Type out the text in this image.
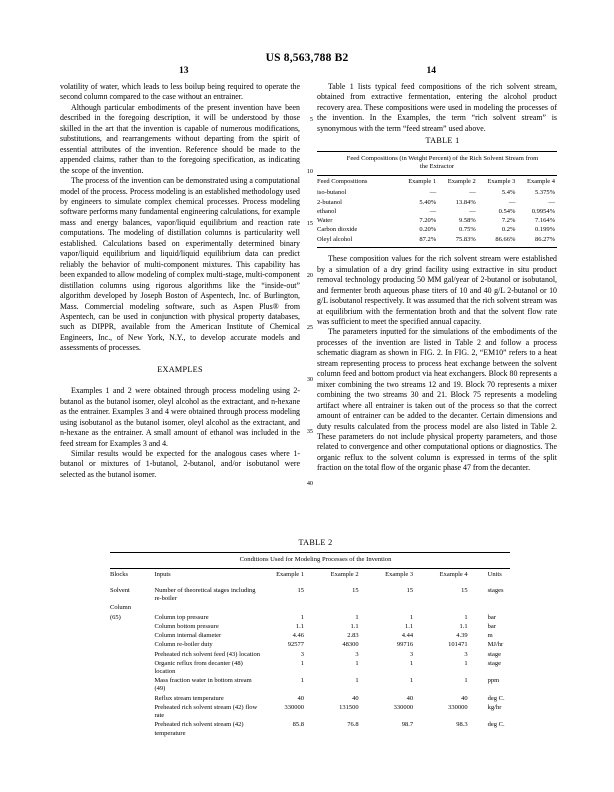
US 8,563,788 B2
13	14

volatility of water, which leads to less boilup being required to operate the second column compared to the case without an entrainer.

Although particular embodiments of the present invention have been described in the foregoing description, it will be understood by those skilled in the art that the invention is capable of numerous modifications, substitutions, and rearrangements without departing from the spirit of essential attributes of the invention. Reference should be made to the appended claims, rather than to the foregoing specification, as indicating the scope of the invention.

The process of the invention can be demonstrated using a computational model of the process. Process modeling is an established methodology used by engineers to simulate complex chemical processes. Process modeling software performs many fundamental engineering calculations, for example mass and energy balances, vapor/liquid equilibrium and reaction rate computations. The modeling of distillation columns is particularity well established. Calculations based on experimentally determined binary vapor/liquid equilibrium and liquid/liquid equilibrium data can predict reliably the behavior of multi-component mixtures. This capability has been expanded to allow modeling of complex multi-stage, multi-component distillation columns using rigorous algorithms like the “inside-out” algorithm developed by Joseph Boston of Aspentech, Inc. of Burlington, Mass. Commercial modeling software, such as Aspen Plus® from Aspentech, can be used in conjunction with physical property databases, such as DIPPR, available from the American Institute of Chemical Engineers, Inc., of New York, N.Y., to develop accurate models and assessments of processes.

EXAMPLES

Examples 1 and 2 were obtained through process modeling using 2-butanol as the butanol isomer, oleyl alcohol as the extractant, and n-hexane as the entrainer. Examples 3 and 4 were obtained through process modeling using isobutanol as the butanol isomer, oleyl alcohol as the extractant, and n-hexane as the entrainer. A small amount of ethanol was included in the feed stream for Examples 3 and 4.

Similar results would be expected for the analogous cases where 1-butanol or mixtures of 1-butanol, 2-butanol, and/or isobutanol were selected as the butanol isomer.

5
10
15
20
25
30
35
40

Table 1 lists typical feed compositions of the rich solvent stream, obtained from extractive fermentation, entering the alcohol product recovery area. These compositions were used in modeling the processes of the invention. In the Examples, the term “rich solvent stream” is synonymous with the term “feed stream” used above.

TABLE 1

Feed Compositions (in Weight Percent) of the Rich Solvent Stream from the Extractor

Feed Compositions	Example 1	Example 2	Example 3	Example 4
iso-butanol	—	—	5.4%	5.375%
2-butanol	5.40%	13.84%	—	—
ethanol	—	—	0.54%	0.9954%
Water	7.20%	9.58%	7.2%	7.164%
Carbon dioxide	0.20%	0.75%	0.2%	0.199%
Oleyl alcohol	87.2%	75.83%	86.66%	86.27%

These composition values for the rich solvent stream were established by a simulation of a dry grind facility using extractive in situ product removal technology producing 50 MM gal/year of 2-butanol or isobutanol, and fermenter broth aqueous phase titers of 10 and 40 g/L 2-butanol or 10 g/L isobutanol respectively. It was assumed that the rich solvent stream was at equilibrium with the fermentation broth and that the solvent flow rate was sufficient to meet the specified annual capacity.

The parameters inputted for the simulations of the embodiments of the processes of the invention are listed in Table 2 and follow a process schematic diagram as shown in FIG. 2. In FIG. 2, “EM10” refers to a heat stream representing process to process heat exchange between the solvent column feed and bottom product via heat exchangers. Block 80 represents a mixer combining the two streams 12 and 19. Block 70 represents a mixer combining the two streams 30 and 21. Block 75 represents a modeling artifact where all entrainer is taken out of the process so that the correct amount of entrainer can be added to the decanter. Certain dimensions and duty results calculated from the process model are also listed in Table 2. These parameters do not include physical property parameters, and those related to convergence and other computational options or diagnostics. The organic reflux to the solvent column is expressed in terms of the split fraction on the total flow of the organic phase 47 from the decanter.

TABLE 2

Conditions Used for Modeling Processes of the Invention

Blocks	Inputs	Example 1	Example 2	Example 3	Example 4	Units
Solvent	Number of theoretical stages including re-boiler	15	15	15	15	stages
Column						
(65)	Column top pressure	1	1	1	1	bar
	Column bottom pressure	1.1	1.1	1.1	1.1	bar
	Column internal diameter	4.46	2.83	4.44	4.39	m
	Column re-boiler duty	92577	48300	99716	101471	MJ/hr
	Preheated rich solvent feed (43) location	3	3	3	3	stage
	Organic reflux from decanter (48) location	1	1	1	1	stage
	Mass fraction water in bottom stream (49)	1	1	1	1	ppm
	Reflux stream temperature	40	40	40	40	deg C.
	Preheated rich solvent stream (42) flow rate	330000	131500	330000	330000	kg/hr
	Preheated rich solvent stream (42) temperature	85.8	76.8	98.7	98.3	deg C.
